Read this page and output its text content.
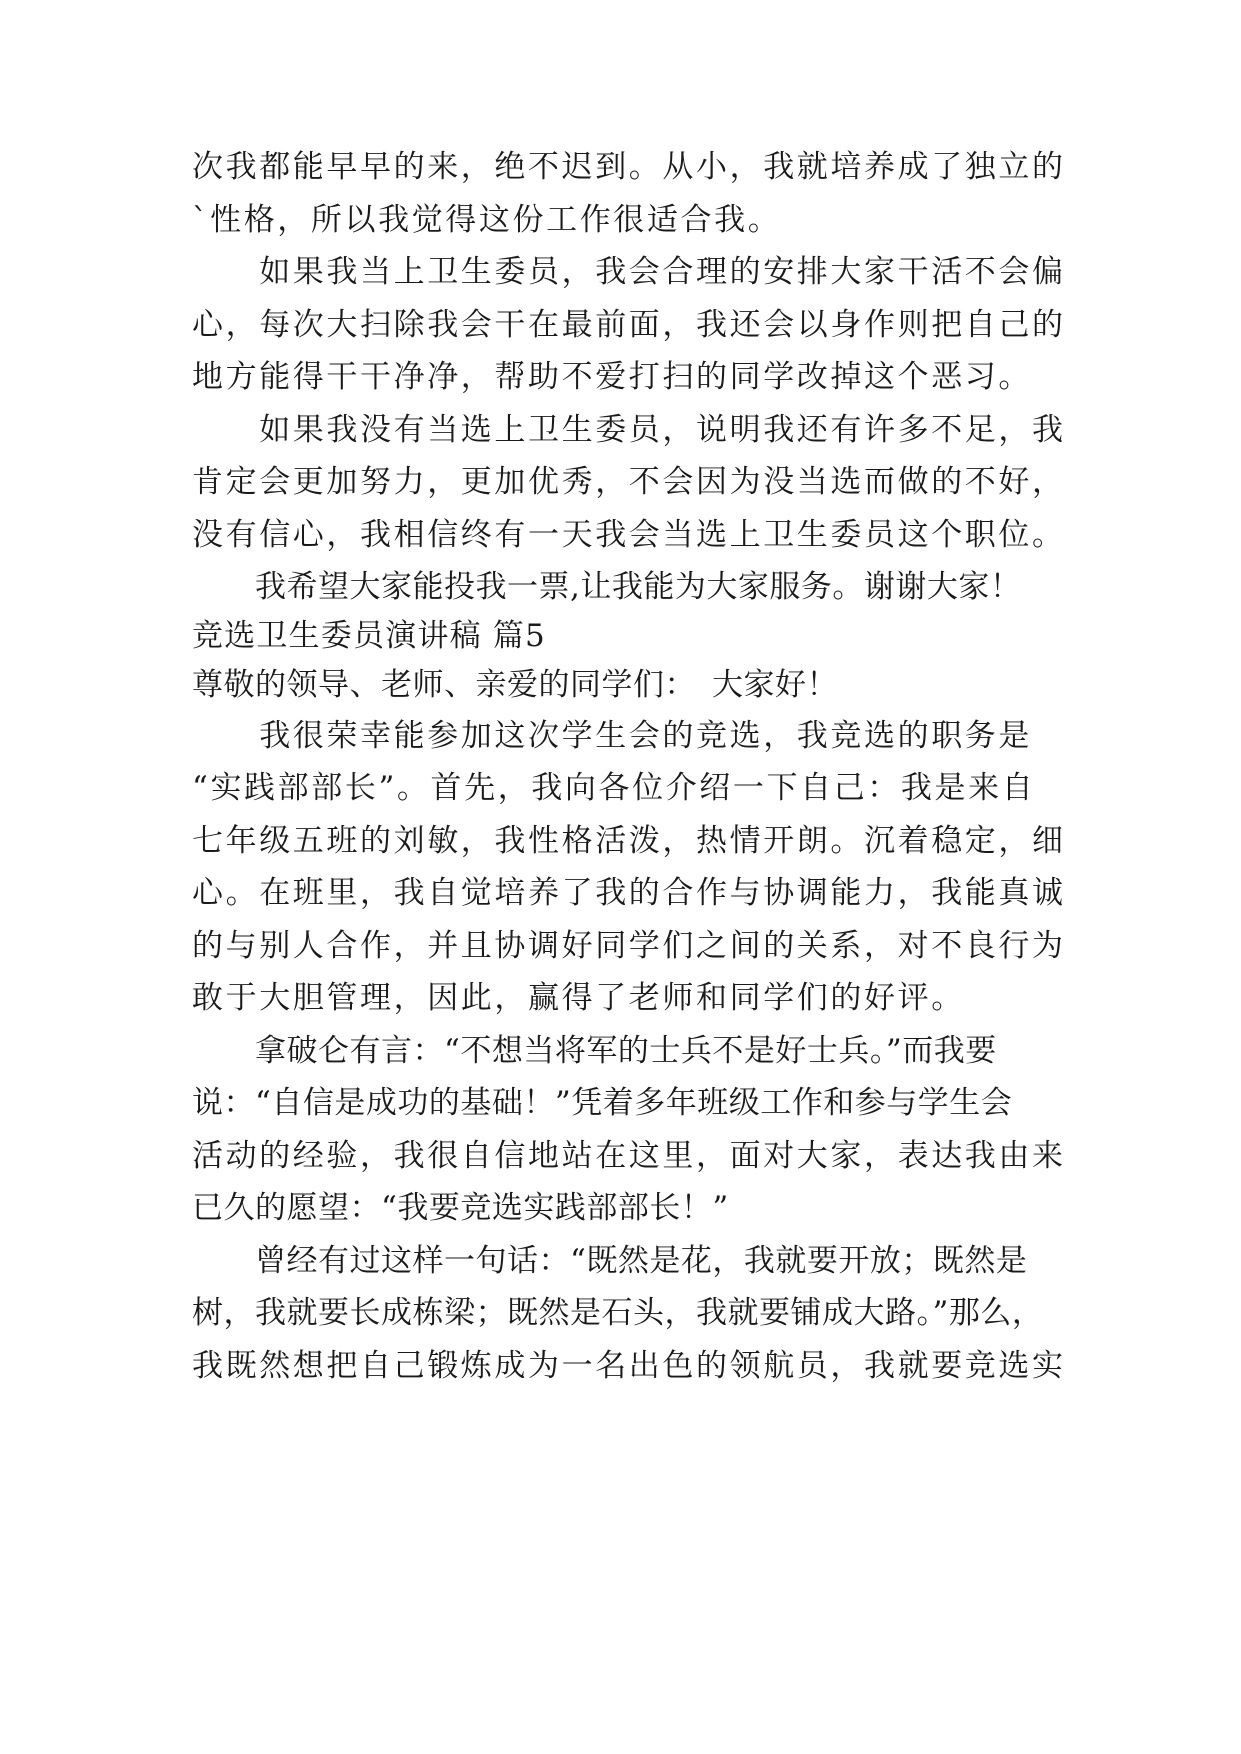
次我都能早早的来，绝不迟到。从小，我就培养成了独立的
`性格，所以我觉得这份工作很适合我。
　　如果我当上卫生委员，我会合理的安排大家干活不会偏
心，每次大扫除我会干在最前面，我还会以身作则把自己的
地方能得干干净净，帮助不爱打扫的同学改掉这个恶习。
　　如果我没有当选上卫生委员，说明我还有许多不足，我
肯定会更加努力，更加优秀，不会因为没当选而做的不好，
没有信心，我相信终有一天我会当选上卫生委员这个职位。
　　我希望大家能投我一票,让我能为大家服务。谢谢大家！
竞选卫生委员演讲稿 篇5
尊敬的领导、老师、亲爱的同学们：　大家好！
　　我很荣幸能参加这次学生会的竞选，我竞选的职务是
“实践部部长”。首先，我向各位介绍一下自己：我是来自
七年级五班的刘敏，我性格活泼，热情开朗。沉着稳定，细
心。在班里，我自觉培养了我的合作与协调能力，我能真诚
的与别人合作，并且协调好同学们之间的关系，对不良行为
敢于大胆管理，因此，赢得了老师和同学们的好评。
　　拿破仑有言：“不想当将军的士兵不是好士兵。”而我要
说：“自信是成功的基础！”凭着多年班级工作和参与学生会
活动的经验，我很自信地站在这里，面对大家，表达我由来
已久的愿望：“我要竞选实践部部长！”
　　曾经有过这样一句话：“既然是花，我就要开放；既然是
树，我就要长成栋梁；既然是石头，我就要铺成大路。”那么，
我既然想把自己锻炼成为一名出色的领航员，我就要竞选实
